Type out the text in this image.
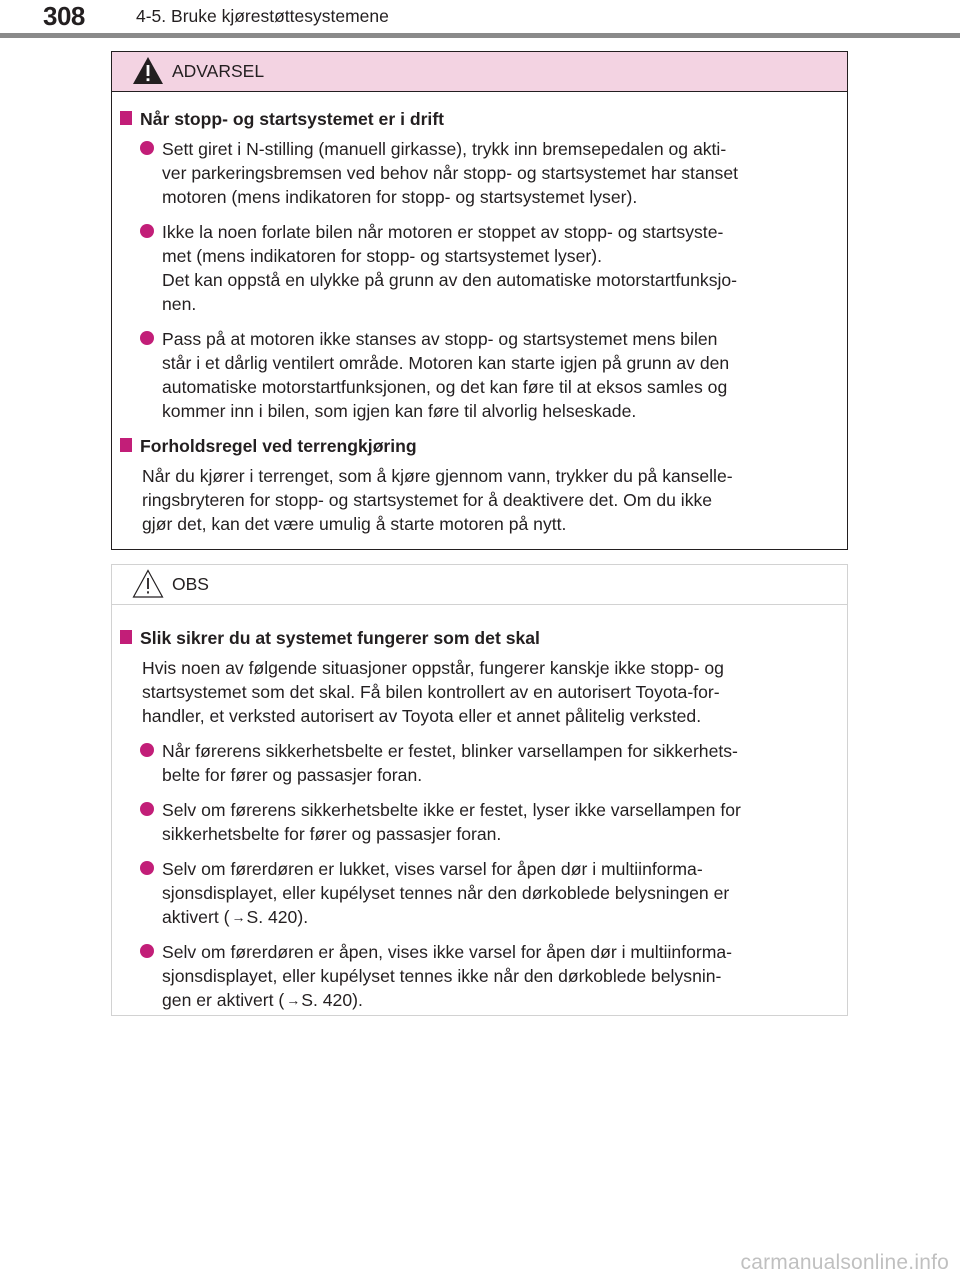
308	4-5. Bruke kjørestøttesystemene
ADVARSEL
Når stopp- og startsystemet er i drift
Sett giret i N-stilling (manuell girkasse), trykk inn bremsepedalen og akti-
ver parkeringsbremsen ved behov når stopp- og startsystemet har stanset
motoren (mens indikatoren for stopp- og startsystemet lyser).
Ikke la noen forlate bilen når motoren er stoppet av stopp- og startsyste-
met (mens indikatoren for stopp- og startsystemet lyser).
Det kan oppstå en ulykke på grunn av den automatiske motorstartfunksjo-
nen.
Pass på at motoren ikke stanses av stopp- og startsystemet mens bilen
står i et dårlig ventilert område. Motoren kan starte igjen på grunn av den
automatiske motorstartfunksjonen, og det kan føre til at eksos samles og
kommer inn i bilen, som igjen kan føre til alvorlig helseskade.
Forholdsregel ved terrengkjøring
Når du kjører i terrenget, som å kjøre gjennom vann, trykker du på kanselle-
ringsbryteren for stopp- og startsystemet for å deaktivere det. Om du ikke
gjør det, kan det være umulig å starte motoren på nytt.
OBS
Slik sikrer du at systemet fungerer som det skal
Hvis noen av følgende situasjoner oppstår, fungerer kanskje ikke stopp- og
startsystemet som det skal. Få bilen kontrollert av en autorisert Toyota-for-
handler, et verksted autorisert av Toyota eller et annet pålitelig verksted.
Når førerens sikkerhetsbelte er festet, blinker varsellampen for sikkerhets-
belte for fører og passasjer foran.
Selv om førerens sikkerhetsbelte ikke er festet, lyser ikke varsellampen for
sikkerhetsbelte for fører og passasjer foran.
Selv om førerdøren er lukket, vises varsel for åpen dør i multiinforma-
sjonsdisplayet, eller kupélyset tennes når den dørkoblede belysningen er
aktivert ( →S. 420).
Selv om førerdøren er åpen, vises ikke varsel for åpen dør i multiinforma-
sjonsdisplayet, eller kupélyset tennes ikke når den dørkoblede belysnin-
gen er aktivert ( →S. 420).
carmanualsonline.info
